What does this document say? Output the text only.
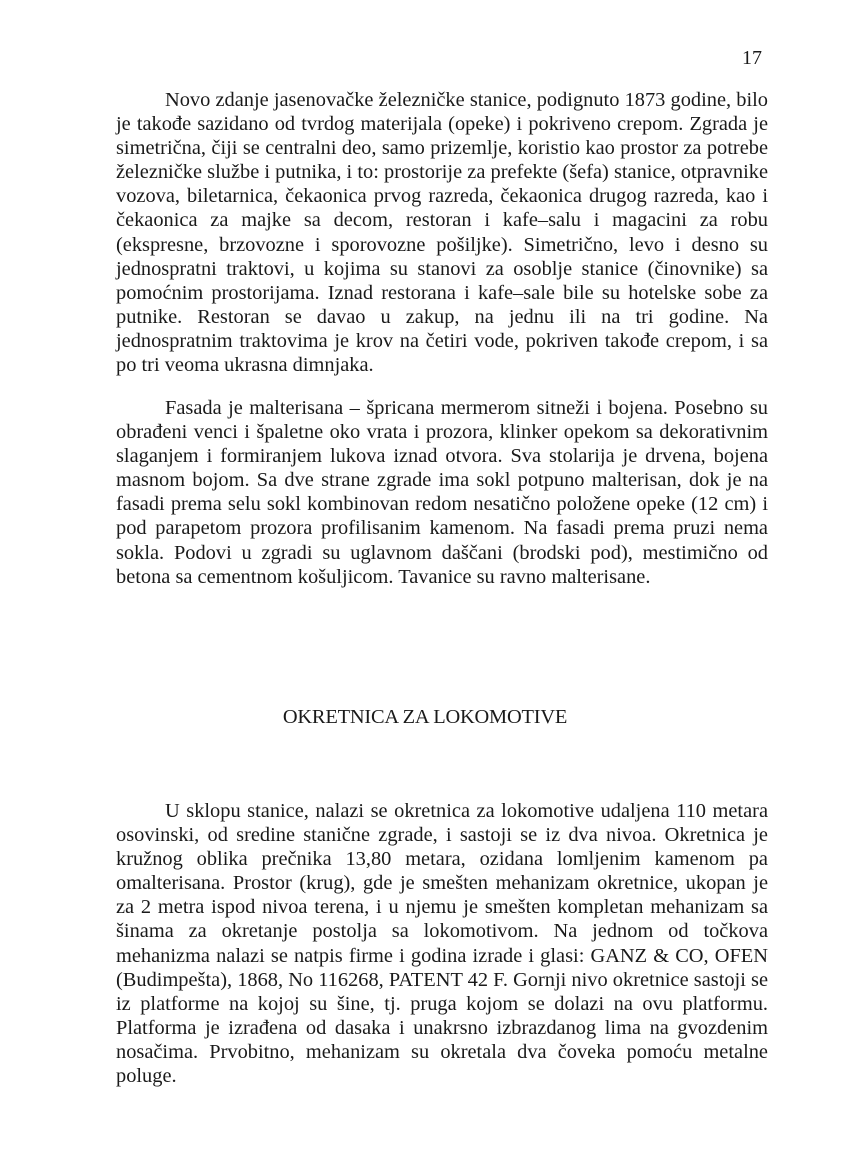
17

Novo zdanje jasenovačke železničke stanice, podignuto 1873 godine, bilo je takođe sazidano od tvrdog materijala (opeke) i pokriveno crepom. Zgrada je simetrična, čiji se centralni deo, samo prizemlje, koristio kao prostor za potrebe železničke službe i putnika, i to: prostorije za prefekte (šefa) stanice, otpravnike vozova, biletarnica, čekaonica prvog razreda, čekaonica drugog razreda, kao i čekaonica za majke sa decom, restoran i kafe–salu i magacini za robu (ekspresne, brzovozne i sporovozne pošiljke). Simetrično, levo i desno su jednospratni traktovi, u kojima su stanovi za osoblje stanice (činovnike) sa pomoćnim prostorijama. Iznad restorana i kafe–sale bile su hotelske sobe za putnike. Restoran se davao u zakup, na jednu ili na tri godine. Na jednospratnim traktovima je krov na četiri vode, pokriven takođe crepom, i sa po tri veoma ukrasna dimnjaka.

Fasada je malterisana – špricana mermerom sitneži i bojena. Posebno su obrađeni venci i špaletne oko vrata i prozora, klinker opekom sa dekorativnim slaganjem i formiranjem lukova iznad otvora. Sva stolarija je drvena, bojena masnom bojom. Sa dve strane zgrade ima sokl potpuno malterisan, dok je na fasadi prema selu sokl kombinovan redom nesatično položene opeke (12 cm) i pod parapetom prozora profilisanim kamenom. Na fasadi prema pruzi nema sokla. Podovi u zgradi su uglavnom daščani (brodski pod), mestimično od betona sa cementnom košuljicom. Tavanice su ravno malterisane.

OKRETNICA ZA LOKOMOTIVE

U sklopu stanice, nalazi se okretnica za lokomotive udaljena 110 metara osovinski, od sredine stanične zgrade, i sastoji se iz dva nivoa. Okretnica je kružnog oblika prečnika 13,80 metara, ozidana lomljenim kamenom pa omalterisana. Prostor (krug), gde je smešten mehanizam okretnice, ukopan je za 2 metra ispod nivoa terena, i u njemu je smešten kompletan mehanizam sa šinama za okretanje postolja sa lokomotivom. Na jednom od točkova mehanizma nalazi se natpis firme i godina izrade i glasi: GANZ & CO, OFEN (Budimpešta), 1868, No 116268, PATENT 42 F. Gornji nivo okretnice sastoji se iz platforme na kojoj su šine, tj. pruga kojom se dolazi na ovu platformu. Platforma je izrađena od dasaka i unakrsno izbrazdanog lima na gvozdenim nosačima. Prvobitno, mehanizam su okretala dva čoveka pomoću metalne poluge.
